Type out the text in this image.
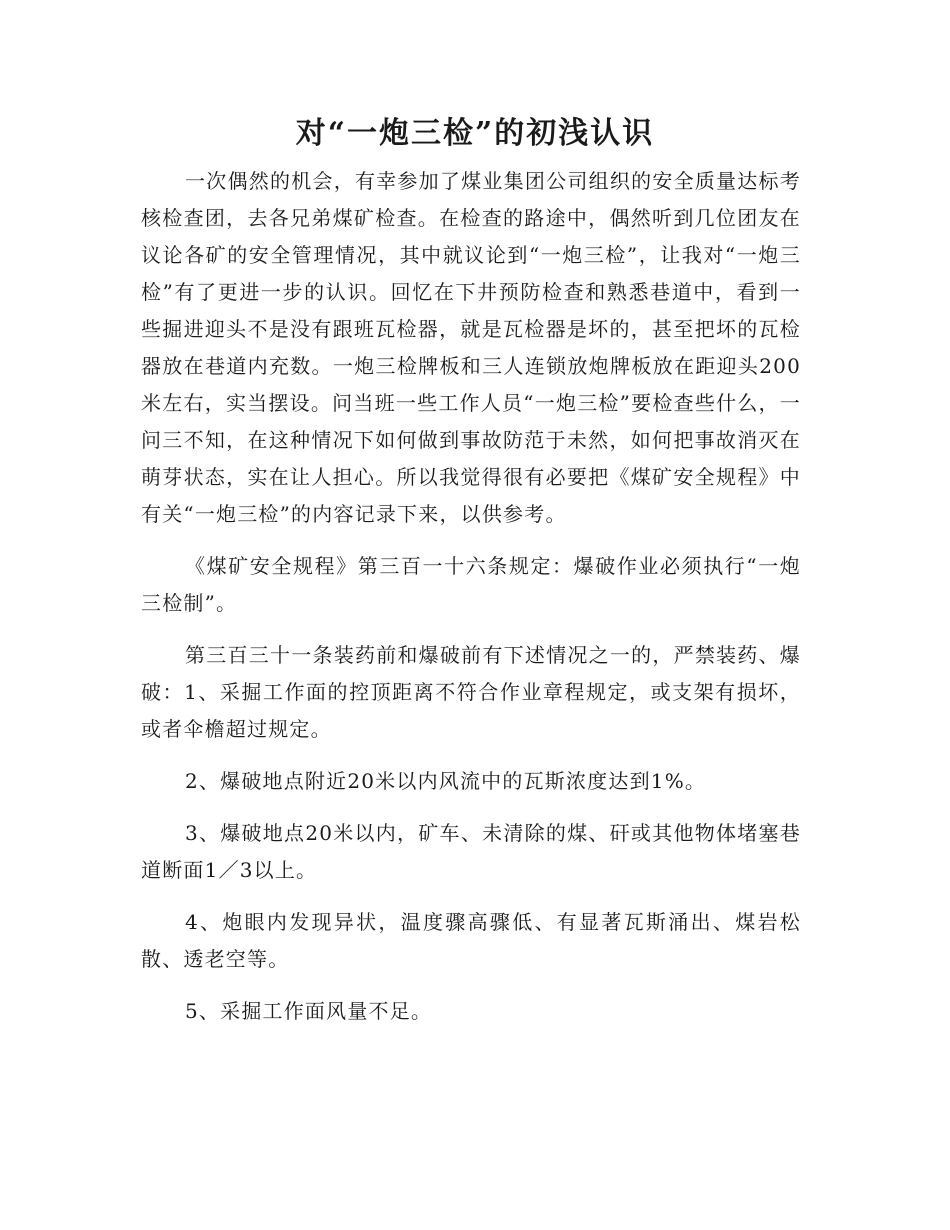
对“一炮三检”的初浅认识

一次偶然的机会，有幸参加了煤业集团公司组织的安全质量达标考核检查团，去各兄弟煤矿检查。在检查的路途中，偶然听到几位团友在议论各矿的安全管理情况，其中就议论到“一炮三检”，让我对“一炮三检”有了更进一步的认识。回忆在下井预防检查和熟悉巷道中，看到一些掘进迎头不是没有跟班瓦检器，就是瓦检器是坏的，甚至把坏的瓦检器放在巷道内充数。一炮三检牌板和三人连锁放炮牌板放在距迎头200米左右，实当摆设。问当班一些工作人员“一炮三检”要检查些什么，一问三不知，在这种情况下如何做到事故防范于未然，如何把事故消灭在萌芽状态，实在让人担心。所以我觉得很有必要把《煤矿安全规程》中有关“一炮三检”的内容记录下来，以供参考。

《煤矿安全规程》第三百一十六条规定：爆破作业必须执行“一炮三检制”。

第三百三十一条装药前和爆破前有下述情况之一的，严禁装药、爆破：1、采掘工作面的控顶距离不符合作业章程规定，或支架有损坏，或者伞檐超过规定。

2、爆破地点附近20米以内风流中的瓦斯浓度达到1%。

3、爆破地点20米以内，矿车、未清除的煤、矸或其他物体堵塞巷道断面1／3以上。

4、炮眼内发现异状，温度骤高骤低、有显著瓦斯涌出、煤岩松散、透老空等。

5、采掘工作面风量不足。
